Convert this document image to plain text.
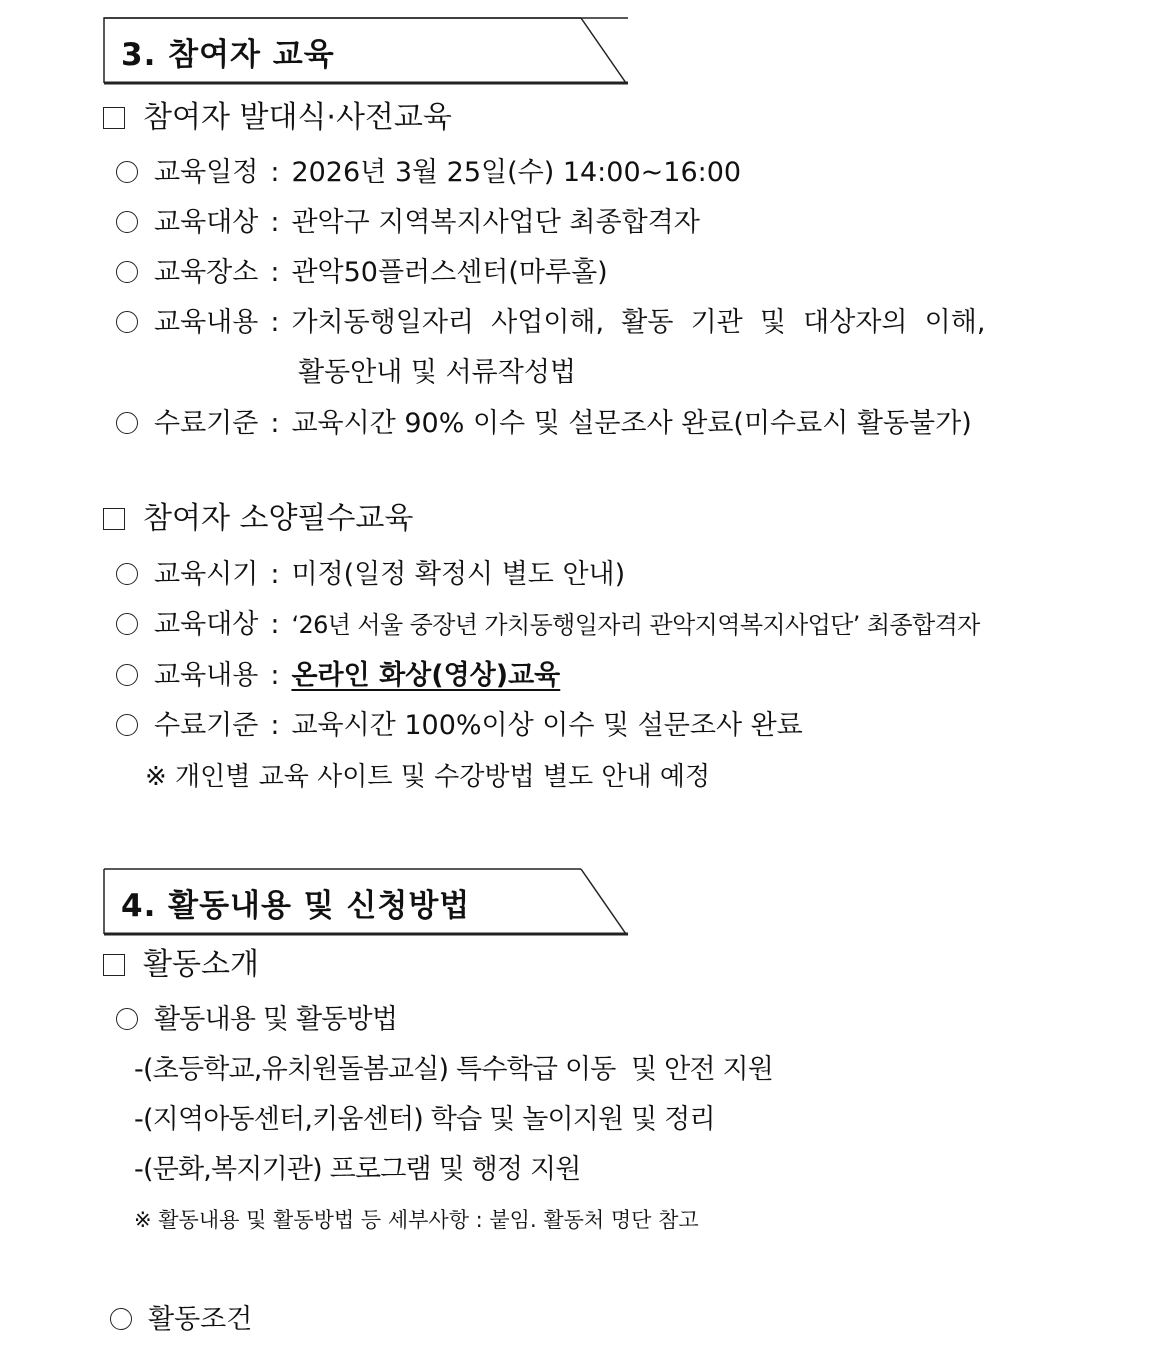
3. 참여자 교육
참여자 발대식·사전교육
교육일정 : 2026년 3월 25일(수) 14:00~16:00
교육대상 : 관악구 지역복지사업단 최종합격자
교육장소 : 관악50플러스센터(마루홀)
교육내용 : 가치동행일자리  사업이해,  활동  기관  및  대상자의  이해,
활동안내 및 서류작성법
수료기준 : 교육시간 90% 이수 및 설문조사 완료(미수료시 활동불가)
참여자 소양필수교육
교육시기 : 미정(일정 확정시 별도 안내)
교육대상 : ‘26년 서울 중장년 가치동행일자리 관악지역복지사업단’ 최종합격자
교육내용 : 온라인 화상(영상)교육
수료기준 : 교육시간 100%이상 이수 및 설문조사 완료
※ 개인별 교육 사이트 및 수강방법 별도 안내 예정
4. 활동내용 및 신청방법
활동소개
활동내용 및 활동방법
-(초등학교,유치원돌봄교실) 특수학급 이동  및 안전 지원
-(지역아동센터,키움센터) 학습 및 놀이지원 및 정리
-(문화,복지기관) 프로그램 및 행정 지원
※ 활동내용 및 활동방법 등 세부사항 : 붙임. 활동처 명단 참고
활동조건
